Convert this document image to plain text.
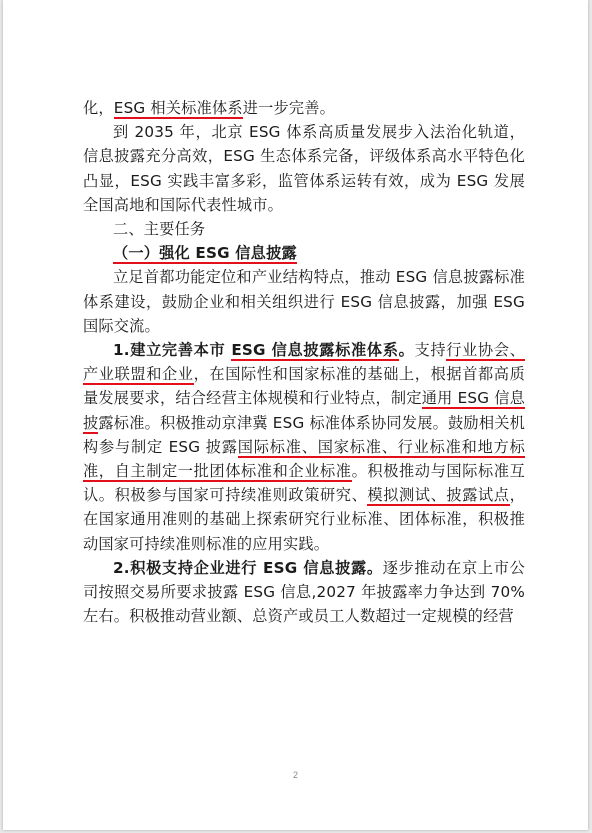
化，ESG 相关标准体系进一步完善。

到 2035 年，北京 ESG 体系高质量发展步入法治化轨道，信息披露充分高效，ESG 生态体系完备，评级体系高水平特色化凸显，ESG 实践丰富多彩，监管体系运转有效，成为 ESG 发展全国高地和国际代表性城市。

二、主要任务

（一）强化 ESG 信息披露

立足首都功能定位和产业结构特点，推动 ESG 信息披露标准体系建设，鼓励企业和相关组织进行 ESG 信息披露，加强 ESG 国际交流。

1.建立完善本市 ESG 信息披露标准体系。支持行业协会、产业联盟和企业，在国际性和国家标准的基础上，根据首都高质量发展要求，结合经营主体规模和行业特点，制定通用 ESG 信息披露标准。积极推动京津冀 ESG 标准体系协同发展。鼓励相关机构参与制定 ESG 披露国际标准、国家标准、行业标准和地方标准，自主制定一批团体标准和企业标准。积极推动与国际标准互认。积极参与国家可持续准则政策研究、模拟测试、披露试点，在国家通用准则的基础上探索研究行业标准、团体标准，积极推动国家可持续准则标准的应用实践。

2.积极支持企业进行 ESG 信息披露。逐步推动在京上市公司按照交易所要求披露 ESG 信息,2027 年披露率力争达到 70%左右。积极推动营业额、总资产或员工人数超过一定规模的经营

2
